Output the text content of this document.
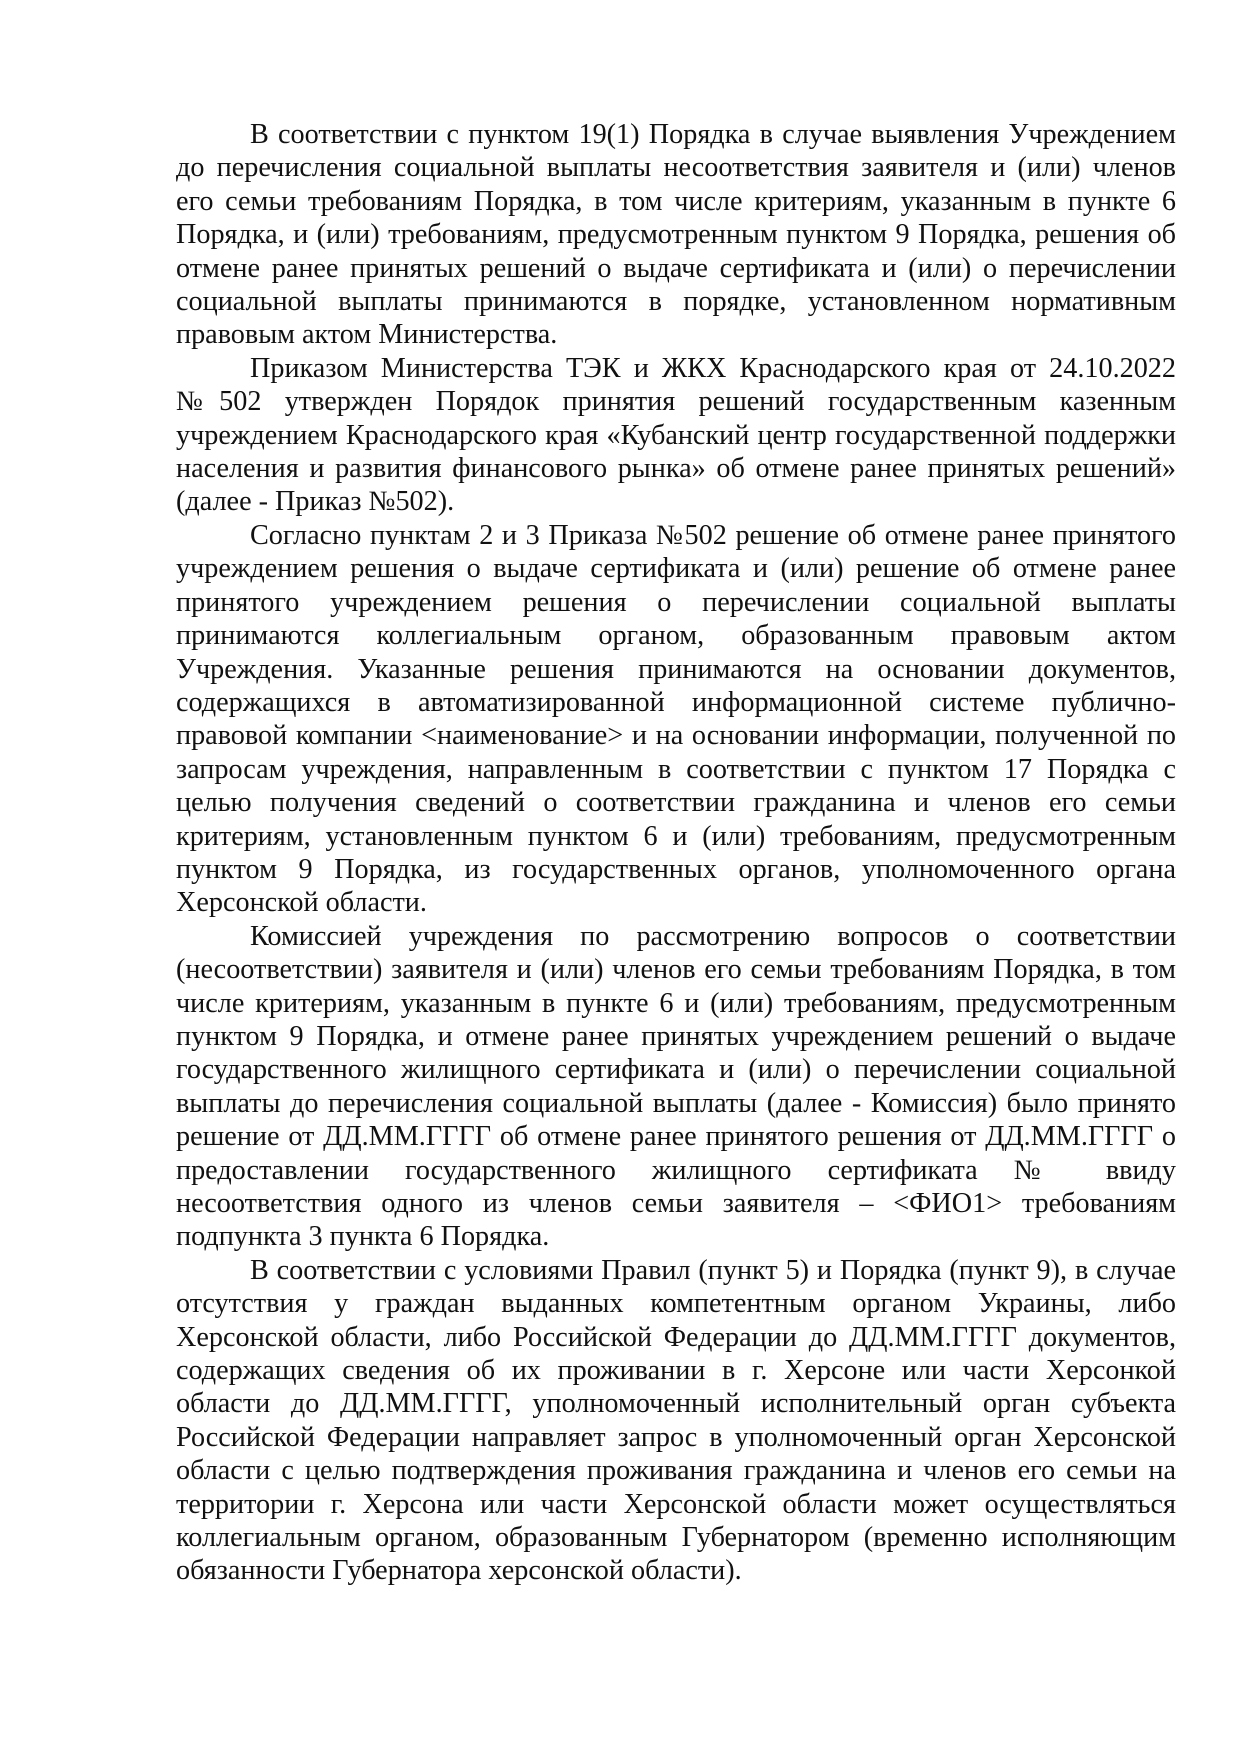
В соответствии с пунктом 19(1) Порядка в случае выявления Учреждением до перечисления социальной выплаты несоответствия заявителя и (или) членов его семьи требованиям Порядка, в том числе критериям, указанным в пункте 6 Порядка, и (или) требованиям, предусмотренным пунктом 9 Порядка, решения об отмене ранее принятых решений о выдаче сертификата и (или) о перечислении социальной выплаты принимаются в порядке, установленном нормативным правовым актом Министерства.

Приказом Министерства ТЭК и ЖКХ Краснодарского края от 24.10.2022 №502 утвержден Порядок принятия решений государственным казенным учреждением Краснодарского края «Кубанский центр государственной поддержки населения и развития финансового рынка» об отмене ранее принятых решений» (далее - Приказ №502).

Согласно пунктам 2 и 3 Приказа №502 решение об отмене ранее принятого учреждением решения о выдаче сертификата и (или) решение об отмене ранее принятого учреждением решения о перечислении социальной выплаты принимаются коллегиальным органом, образованным правовым актом Учреждения. Указанные решения принимаются на основании документов, содержащихся в автоматизированной информационной системе публично-правовой компании <наименование> и на основании информации, полученной по запросам учреждения, направленным в соответствии с пунктом 17 Порядка с целью получения сведений о соответствии гражданина и членов его семьи критериям, установленным пунктом 6 и (или) требованиям, предусмотренным пунктом 9 Порядка, из государственных органов, уполномоченного органа Херсонской области.

Комиссией учреждения по рассмотрению вопросов о соответствии (несоответствии) заявителя и (или) членов его семьи требованиям Порядка, в том числе критериям, указанным в пункте 6 и (или) требованиям, предусмотренным пунктом 9 Порядка, и отмене ранее принятых учреждением решений о выдаче государственного жилищного сертификата и (или) о перечислении социальной выплаты до перечисления социальной выплаты (далее - Комиссия) было принято решение от ДД.ММ.ГГГГ об отмене ранее принятого решения от ДД.ММ.ГГГГ о предоставлении государственного жилищного сертификата № ввиду несоответствия одного из членов семьи заявителя – <ФИО1> требованиям подпункта 3 пункта 6 Порядка.

В соответствии с условиями Правил (пункт 5) и Порядка (пункт 9), в случае отсутствия у граждан выданных компетентным органом Украины, либо Херсонской области, либо Российской Федерации до ДД.ММ.ГГГГ документов, содержащих сведения об их проживании в г. Херсоне или части Херсонкой области до ДД.ММ.ГГГГ, уполномоченный исполнительный орган субъекта Российской Федерации направляет запрос в уполномоченный орган Херсонской области с целью подтверждения проживания гражданина и членов его семьи на территории г. Херсона или части Херсонской области может осуществляться коллегиальным органом, образованным Губернатором (временно исполняющим обязанности Губернатора херсонской области).
